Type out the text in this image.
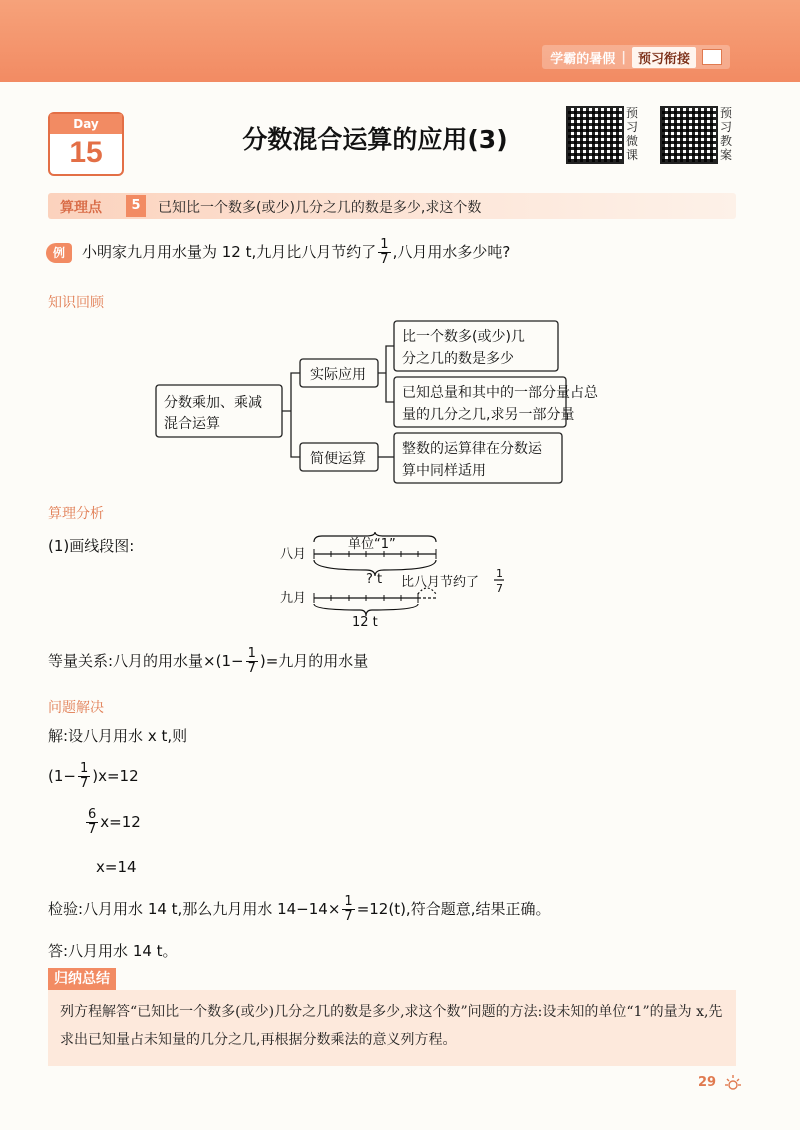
学霸的暑假 | 预习衔接
Day
15	分数混合运算的应用(3)
预习微课
预习教案
算理点	5	已知比一个数多(或少)几分之几的数是多少,求这个数
例	小明家九月用水量为 12 t,九月比八月节约了 $\frac{1}{7}$ ,八月用水多少吨?
知识回顾
分数乘加、乘减
混合运算
实际应用
简便运算
比一个数多(或少)几
分之几的数是多少
已知总量和其中的一部分量占总
量的几分之几,求另一部分量
整数的运算律在分数运
算中同样适用
算理分析
(1)画线段图:	八月
九月
单位“1”
? t 比八月节约了
1
7
12 t
等量关系:八月的用水量$\times(1- \frac{1}{7}$ )=九月的用水量
问题解决
解:设八月用水 x t,则
$(1- \frac{1}{7} )x=12$
$\frac{6}{7} x=12$
x=14
检验:八月用水 14 t,那么九月用水 $14-14\times \frac{1}{7} =12(t)$,符合题意,结果正确。
答:八月用水 14 t。
归纳总结
列方程解答“已知比一个数多(或少)几分之几的数是多少,求这个数”问题的方法:设未知的单位“1”的量为 x,先求出已知量占未知量的几分之几,再根据分数乘法的意义列方程。
29
